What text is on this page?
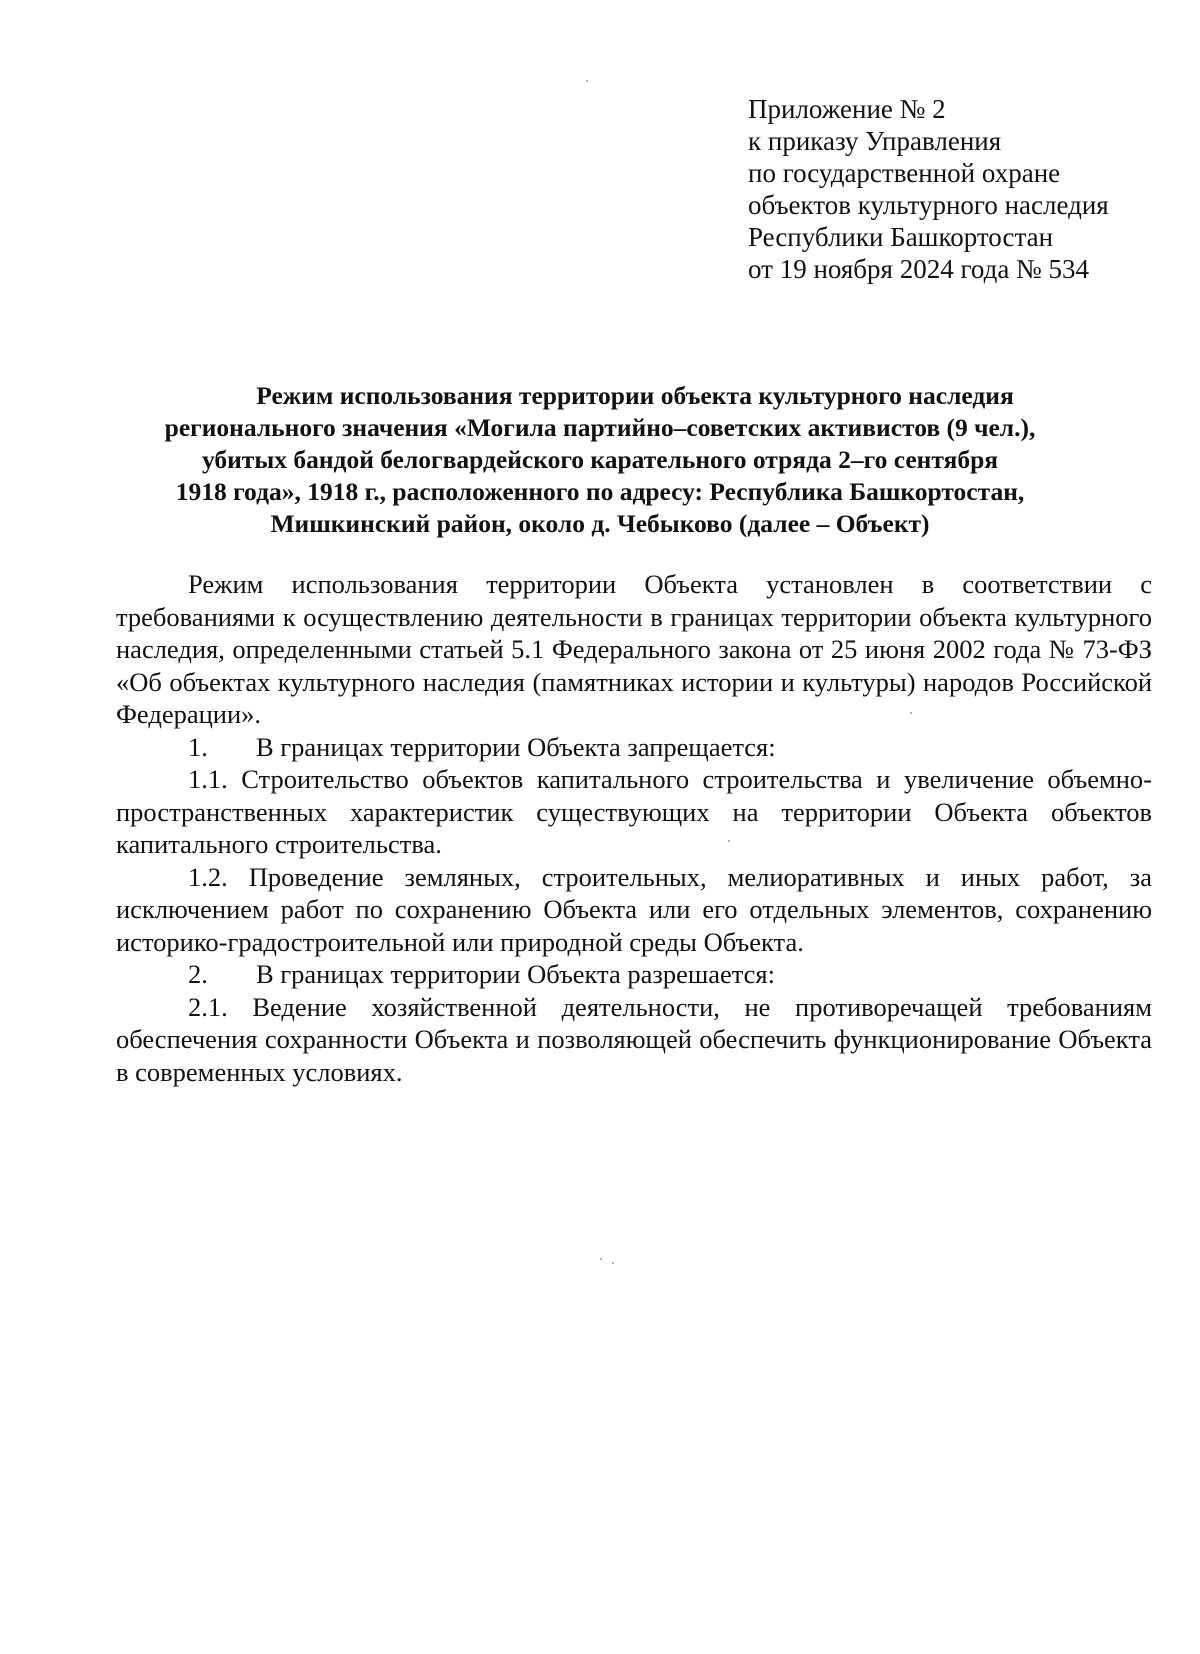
Приложение № 2
к приказу Управления
по государственной охране
объектов культурного наследия
Республики Башкортостан
от 19 ноября 2024 года № 534
Режим использования территории объекта культурного наследия
регионального значения «Могила партийно–советских активистов (9 чел.),
убитых бандой белогвардейского карательного отряда 2–го сентября
1918 года», 1918 г., расположенного по адресу: Республика Башкортостан,
Мишкинский район, около д. Чебыково (далее – Объект)

Режим использования территории Объекта установлен в соответствии с требованиями к осуществлению деятельности в границах территории объекта культурного наследия, определенными статьей 5.1 Федерального закона от 25 июня 2002 года № 73-ФЗ «Об объектах культурного наследия (памятниках истории и культуры) народов Российской Федерации».

1. В границах территории Объекта запрещается:

1.1. Строительство объектов капитального строительства и увеличение объемно-пространственных характеристик существующих на территории Объекта объектов капитального строительства.

1.2. Проведение земляных, строительных, мелиоративных и иных работ, за исключением работ по сохранению Объекта или его отдельных элементов, сохранению историко-градостроительной или природной среды Объекта.

2. В границах территории Объекта разрешается:

2.1. Ведение хозяйственной деятельности, не противоречащей требованиям обеспечения сохранности Объекта и позволяющей обеспечить функционирование Объекта в современных условиях.
